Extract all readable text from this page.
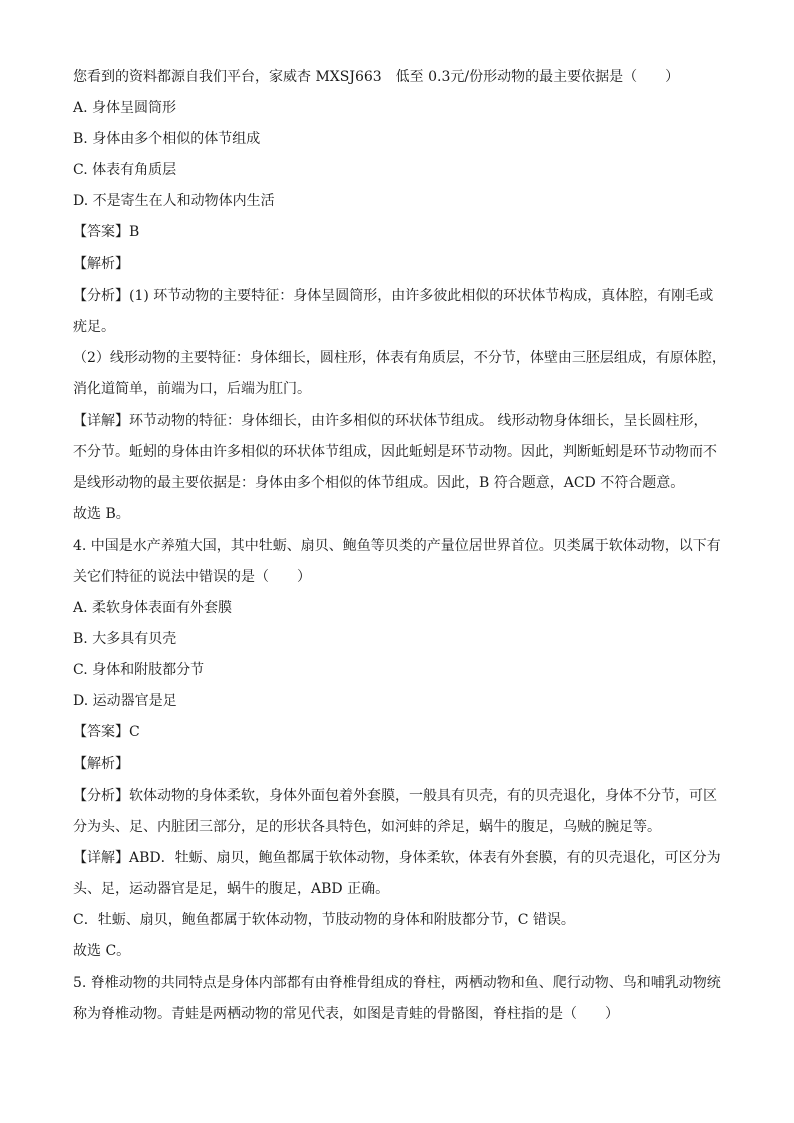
您看到的资料都源自我们平台，家威杏 MXSJ663　低至 0.3元/份形动物的最主要依据是（　　）
A. 身体呈圆筒形
B. 身体由多个相似的体节组成
C. 体表有角质层
D. 不是寄生在人和动物体内生活
【答案】B
【解析】
【分析】(1) 环节动物的主要特征：身体呈圆筒形，由许多彼此相似的环状体节构成，真体腔，有刚毛或
疣足。
（2）线形动物的主要特征：身体细长，圆柱形，体表有角质层，不分节，体壁由三胚层组成，有原体腔，
消化道简单，前端为口，后端为肛门。
【详解】环节动物的特征：身体细长，由许多相似的环状体节组成。 线形动物身体细长，呈长圆柱形，
不分节。蚯蚓的身体由许多相似的环状体节组成，因此蚯蚓是环节动物。因此，判断蚯蚓是环节动物而不
是线形动物的最主要依据是：身体由多个相似的体节组成。因此，B 符合题意，ACD 不符合题意。
故选 B。
4. 中国是水产养殖大国，其中牡蛎、扇贝、鲍鱼等贝类的产量位居世界首位。贝类属于软体动物，以下有
关它们特征的说法中错误的是（　　）
A. 柔软身体表面有外套膜
B. 大多具有贝壳
C. 身体和附肢都分节
D. 运动器官是足
【答案】C
【解析】
【分析】软体动物的身体柔软，身体外面包着外套膜，一般具有贝壳，有的贝壳退化，身体不分节，可区
分为头、足、内脏团三部分，足的形状各具特色，如河蚌的斧足，蜗牛的腹足，乌贼的腕足等。
【详解】ABD．牡蛎、扇贝，鲍鱼都属于软体动物，身体柔软，体表有外套膜，有的贝壳退化，可区分为
头、足，运动器官是足，蜗牛的腹足，ABD 正确。
C．牡蛎、扇贝，鲍鱼都属于软体动物，节肢动物的身体和附肢都分节，C 错误。
故选 C。
5. 脊椎动物的共同特点是身体内部都有由脊椎骨组成的脊柱，两栖动物和鱼、爬行动物、鸟和哺乳动物统
称为脊椎动物。青蛙是两栖动物的常见代表，如图是青蛙的骨骼图，脊柱指的是（　　）
